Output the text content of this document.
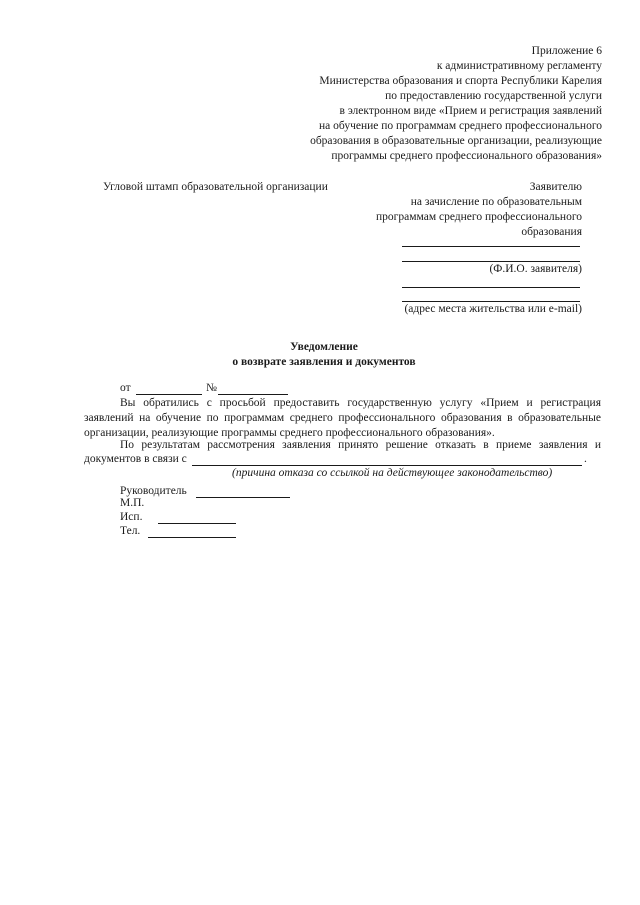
Приложение 6
к административному регламенту
Министерства образования и спорта Республики Карелия
по предоставлению государственной услуги
в электронном виде «Прием и регистрация заявлений
на обучение по программам среднего профессионального
образования в образовательные организации, реализующие
программы среднего профессионального образования»
Угловой штамп образовательной организации	Заявителю
на зачисление по образовательным
программам среднего профессионального
образования
(Ф.И.О. заявителя)
(адрес места жительства или e-mail)
Уведомление
о возврате заявления и документов
от	№
Вы обратились с просьбой предоставить государственную услугу «Прием и регистрация заявлений на обучение по программам среднего профессионального образования в образовательные организации, реализующие программы среднего профессионального образования».
По результатам рассмотрения заявления принято решение отказать в приеме заявления и
документов в связи с	.
(причина отказа со ссылкой на действующее законодательство)
Руководитель
М.П.
Исп.
Тел.
